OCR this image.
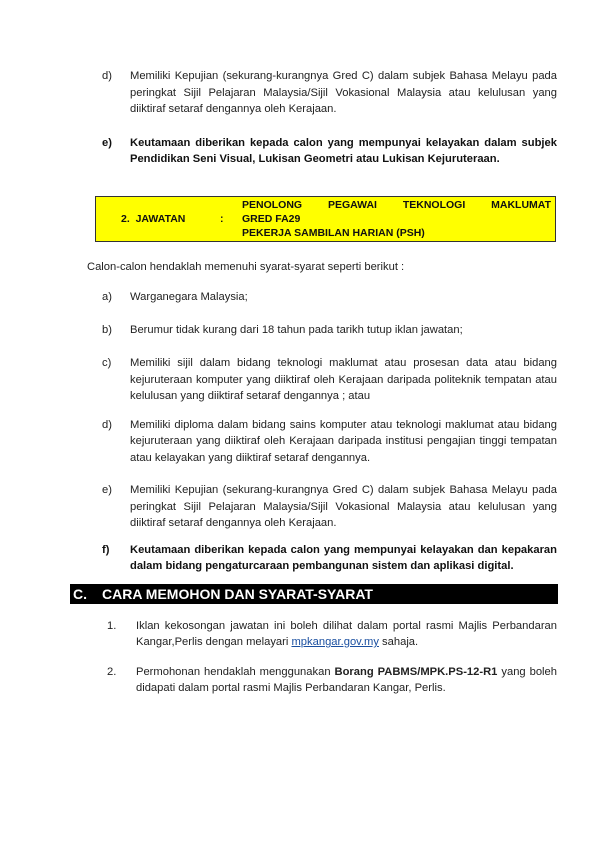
d)	Memiliki Kepujian (sekurang-kurangnya Gred C) dalam subjek Bahasa Melayu pada peringkat Sijil Pelajaran Malaysia/Sijil Vokasional Malaysia atau kelulusan yang diiktiraf setaraf dengannya oleh Kerajaan.
e)	Keutamaan diberikan kepada calon yang mempunyai kelayakan dalam subjek Pendidikan Seni Visual, Lukisan Geometri atau Lukisan Kejuruteraan.
2.  JAWATAN	:
PENOLONG PEGAWAI TEKNOLOGI MAKLUMAT
GRED FA29
PEKERJA SAMBILAN HARIAN (PSH)
Calon-calon hendaklah memenuhi syarat-syarat seperti berikut :
a)	Warganegara Malaysia;
b)	Berumur tidak kurang dari 18 tahun pada tarikh tutup iklan jawatan;
c)	Memiliki sijil dalam bidang teknologi maklumat atau prosesan data atau bidang kejuruteraan komputer yang diiktiraf oleh Kerajaan daripada politeknik tempatan atau kelulusan yang diiktiraf setaraf dengannya ; atau
d)	Memiliki diploma dalam bidang sains komputer atau teknologi maklumat atau bidang kejuruteraan yang diiktiraf oleh Kerajaan daripada institusi pengajian tinggi tempatan atau kelayakan yang diiktiraf setaraf dengannya.
e)	Memiliki Kepujian (sekurang-kurangnya Gred C) dalam subjek Bahasa Melayu pada peringkat Sijil Pelajaran Malaysia/Sijil Vokasional Malaysia atau kelulusan yang diiktiraf setaraf dengannya oleh Kerajaan.
f)	Keutamaan diberikan kepada calon yang mempunyai kelayakan dan kepakaran dalam bidang pengaturcaraan pembangunan sistem dan aplikasi digital.
C.	CARA MEMOHON DAN SYARAT-SYARAT
1.	Iklan kekosongan jawatan ini boleh dilihat dalam portal rasmi Majlis Perbandaran Kangar,Perlis dengan melayari mpkangar.gov.my sahaja.
2.	Permohonan hendaklah menggunakan Borang PABMS/MPK.PS-12-R1 yang boleh didapati dalam portal rasmi Majlis Perbandaran Kangar, Perlis.
